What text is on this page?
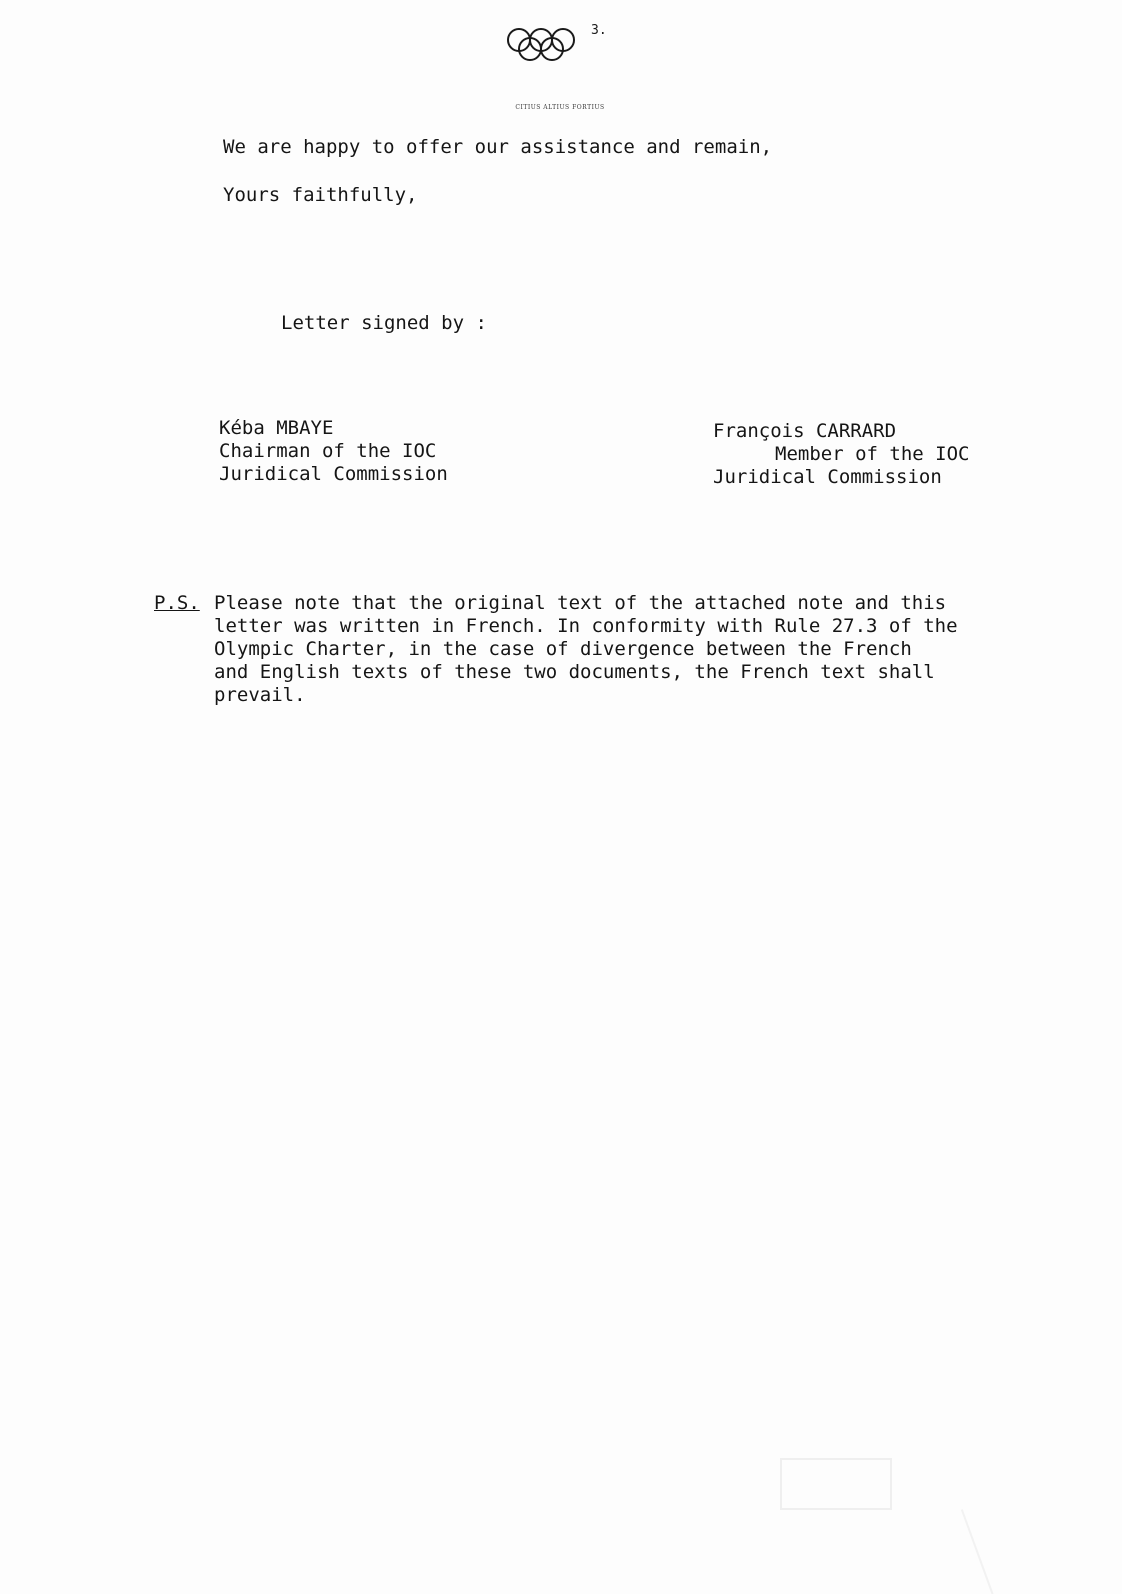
3.
CITIUS ALTIUS FORTIUS
We are happy to offer our assistance and remain,
Yours faithfully,
Letter signed by :
Kéba MBAYE
Chairman of the IOC
Juridical Commission
François CARRARD
Member of the IOC
Juridical Commission
P.S. Please note that the original text of the attached note and this
letter was written in French. In conformity with Rule 27.3 of the
Olympic Charter, in the case of divergence between the French
and English texts of these two documents, the French text shall
prevail.
